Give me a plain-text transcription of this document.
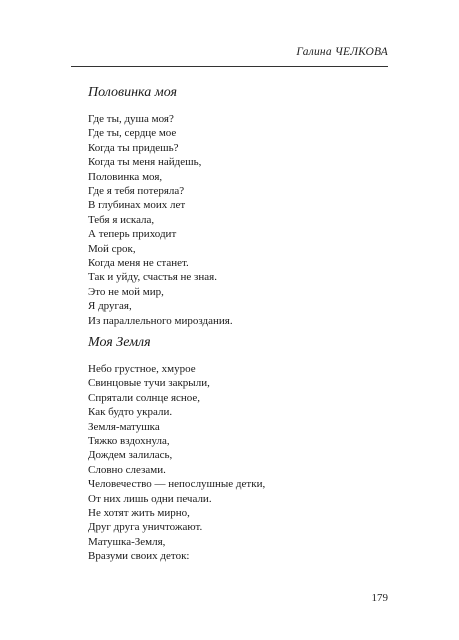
Галина ЧЕЛКОВА
Половинка моя
Где ты, душа моя?
Где ты, сердце мое
Когда ты придешь?
Когда ты меня найдешь,
Половинка моя,
Где я тебя потеряла?
В глубинах моих лет
Тебя я искала,
А теперь приходит
Мой срок,
Когда меня не станет.
Так и уйду, счастья не зная.
Это не мой мир,
Я другая,
Из параллельного мироздания.
Моя Земля
Небо грустное, хмурое
Свинцовые тучи закрыли,
Спрятали солнце ясное,
Как будто украли.
Земля-матушка
Тяжко вздохнула,
Дождем залилась,
Словно слезами.
Человечество — непослушные детки,
От них лишь одни печали.
Не хотят жить мирно,
Друг друга уничтожают.
Матушка-Земля,
Вразуми своих деток:
179
